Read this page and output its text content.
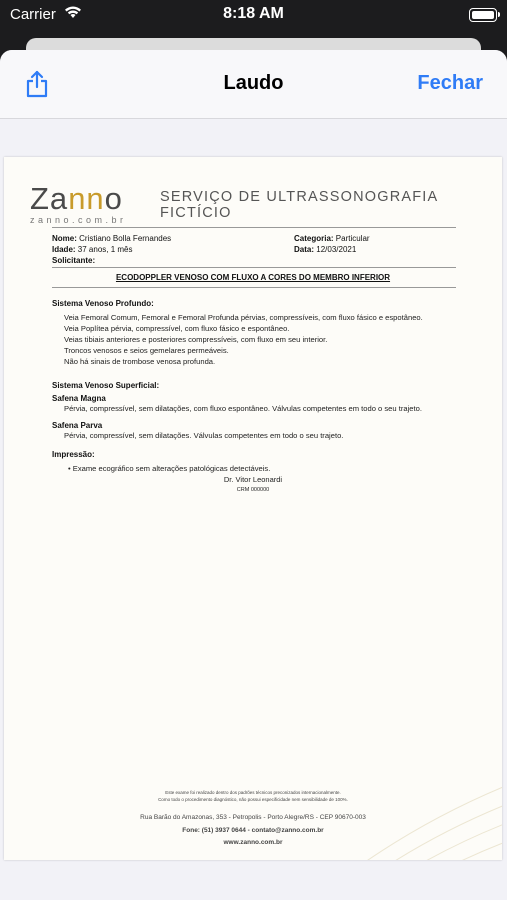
Carrier	8:18 AM
Laudo	Fechar
Zanno
zanno.com.br
SERVIÇO DE ULTRASSONOGRAFIA FICTÍCIO
Nome: Cristiano Bolla Fernandes
Idade: 37 anos, 1 mês
Solicitante:
Categoria: Particular
Data: 12/03/2021
ECODOPPLER VENOSO COM FLUXO A CORES DO MEMBRO INFERIOR
Sistema Venoso Profundo:
Veia Femoral Comum, Femoral e Femoral Profunda pérvias, compressíveis, com fluxo fásico e espotâneo.
Veia Poplítea pérvia, compressível, com fluxo fásico e espontâneo.
Veias tibiais anteriores e posteriores compressíveis, com fluxo em seu interior.
Troncos venosos e seios gemelares permeáveis.
Não há sinais de trombose venosa profunda.
Sistema Venoso Superficial:
Safena Magna
Pérvia, compressível, sem dilatações, com fluxo espontâneo. Válvulas competentes em todo o seu trajeto.
Safena Parva
Pérvia, compressível, sem dilatações. Válvulas competentes em todo o seu trajeto.
Impressão:
• Exame ecográfico sem alterações patológicas detectáveis.
Dr. Vitor Leonardi
CRM 000000
Este exame foi realizado dentro dos padrões técnicos preconizados internacionalmente.
Como todo o procedimento diagnóstico, não possui especificidade nem sensibilidade de 100%.
Rua Barão do Amazonas, 353 - Petropolis - Porto Alegre/RS - CEP 90670-003
Fone: (51) 3937 0644 - contato@zanno.com.br
www.zanno.com.br
